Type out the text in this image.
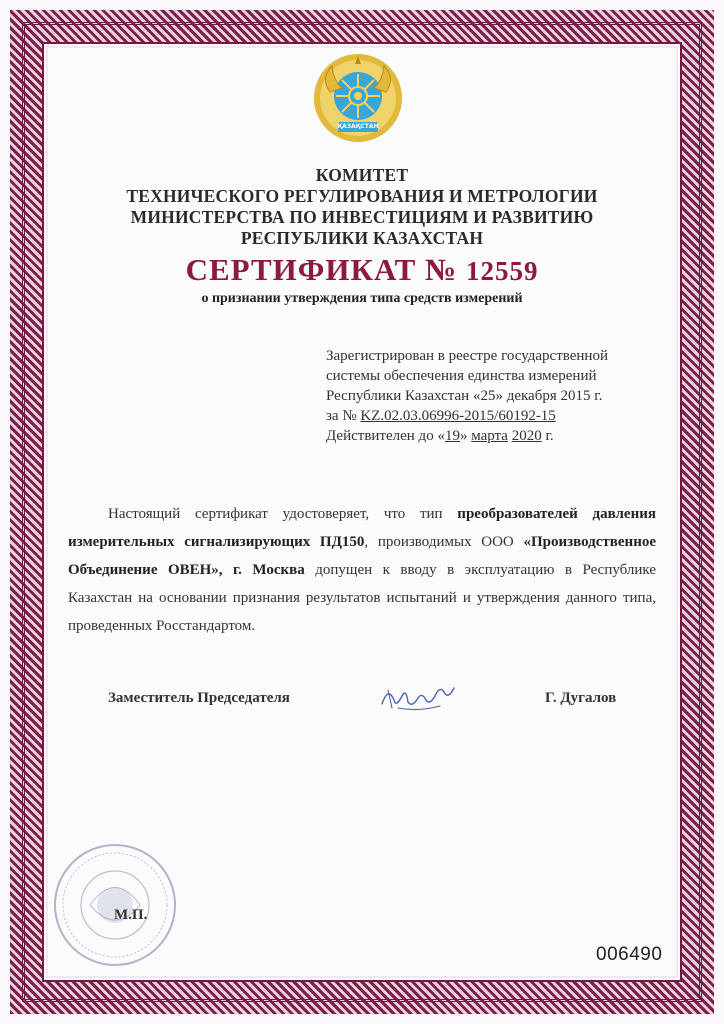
ҚАЗАҚСТАН
КОМИТЕТ
ТЕХНИЧЕСКОГО РЕГУЛИРОВАНИЯ И МЕТРОЛОГИИ
МИНИСТЕРСТВА ПО ИНВЕСТИЦИЯМ И РАЗВИТИЮ
РЕСПУБЛИКИ КАЗАХСТАН
СЕРТИФИКАТ № 12559
о признании утверждения типа средств измерений
Зарегистрирован в реестре государственной
системы обеспечения единства измерений
Республики Казахстан «25» декабря 2015 г.
за № KZ.02.03.06996-2015/60192-15
Действителен до «19» марта 2020 г.
Настоящий сертификат удостоверяет, что тип преобразователей давления измерительных сигнализирующих ПД150, производимых ООО «Производственное Объединение ОВЕН», г. Москва допущен к вводу в эксплуатацию в Республике Казахстан на основании признания результатов испытаний и утверждения данного типа, проведенных Росстандартом.
Заместитель Председателя	Г. Дугалов
М.П.
006490
